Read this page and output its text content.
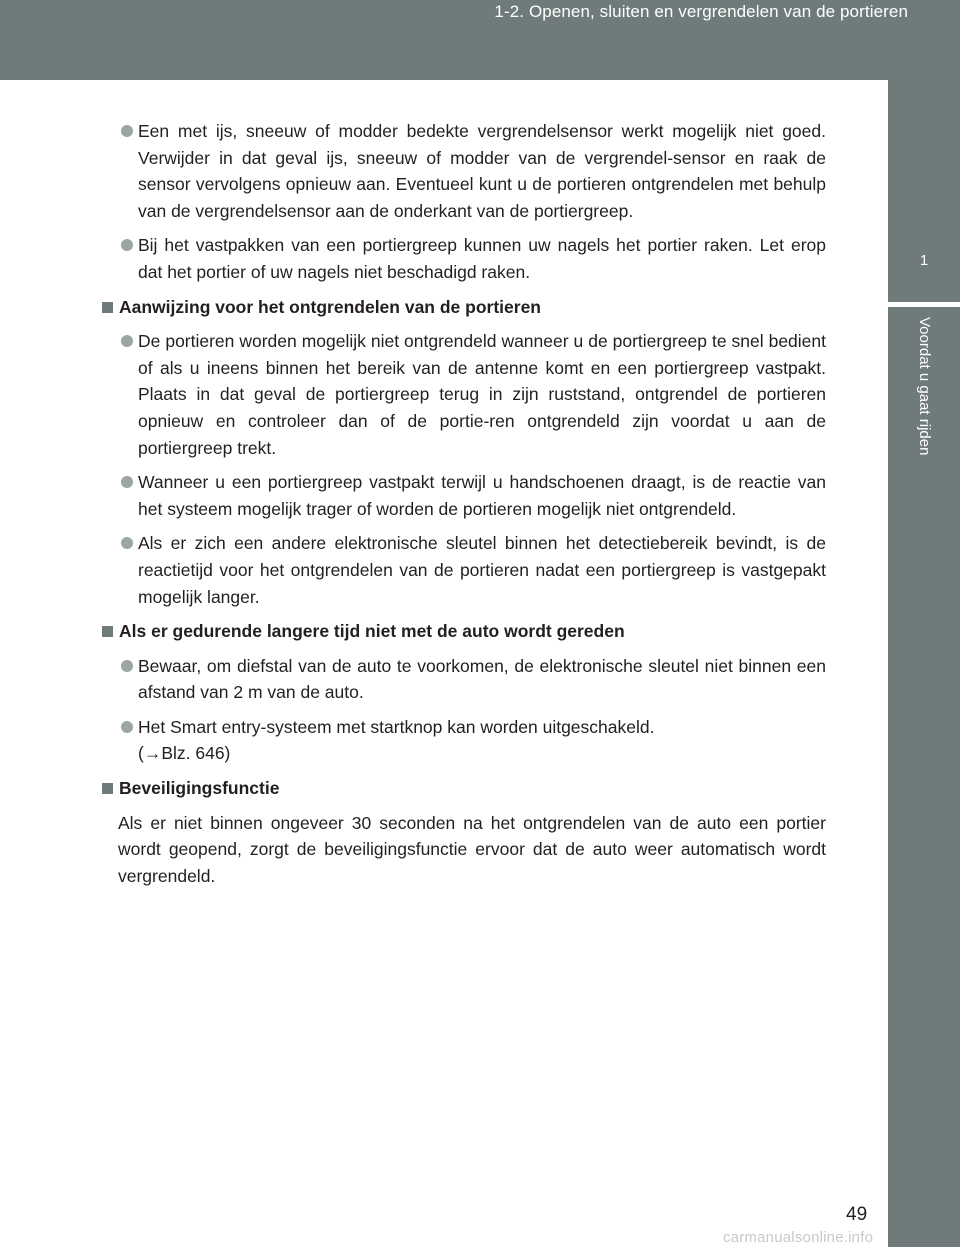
1-2. Openen, sluiten en vergrendelen van de portieren
1
Voordat u gaat rijden
Een met ijs, sneeuw of modder bedekte vergrendelsensor werkt mogelijk niet goed. Verwijder in dat geval ijs, sneeuw of modder van de vergrendel-sensor en raak de sensor vervolgens opnieuw aan. Eventueel kunt u de portieren ontgrendelen met behulp van de vergrendelsensor aan de onderkant van de portiergreep.
Bij het vastpakken van een portiergreep kunnen uw nagels het portier raken. Let erop dat het portier of uw nagels niet beschadigd raken.
Aanwijzing voor het ontgrendelen van de portieren
De portieren worden mogelijk niet ontgrendeld wanneer u de portiergreep te snel bedient of als u ineens binnen het bereik van de antenne komt en een portiergreep vastpakt. Plaats in dat geval de portiergreep terug in zijn ruststand, ontgrendel de portieren opnieuw en controleer dan of de portie-ren ontgrendeld zijn voordat u aan de portiergreep trekt.
Wanneer u een portiergreep vastpakt terwijl u handschoenen draagt, is de reactie van het systeem mogelijk trager of worden de portieren mogelijk niet ontgrendeld.
Als er zich een andere elektronische sleutel binnen het detectiebereik bevindt, is de reactietijd voor het ontgrendelen van de portieren nadat een portiergreep is vastgepakt mogelijk langer.
Als er gedurende langere tijd niet met de auto wordt gereden
Bewaar, om diefstal van de auto te voorkomen, de elektronische sleutel niet binnen een afstand van 2 m van de auto.
Het Smart entry-systeem met startknop kan worden uitgeschakeld.
(→Blz. 646)
Beveiligingsfunctie
Als er niet binnen ongeveer 30 seconden na het ontgrendelen van de auto een portier wordt geopend, zorgt de beveiligingsfunctie ervoor dat de auto weer automatisch wordt vergrendeld.
49
carmanualsonline.info
